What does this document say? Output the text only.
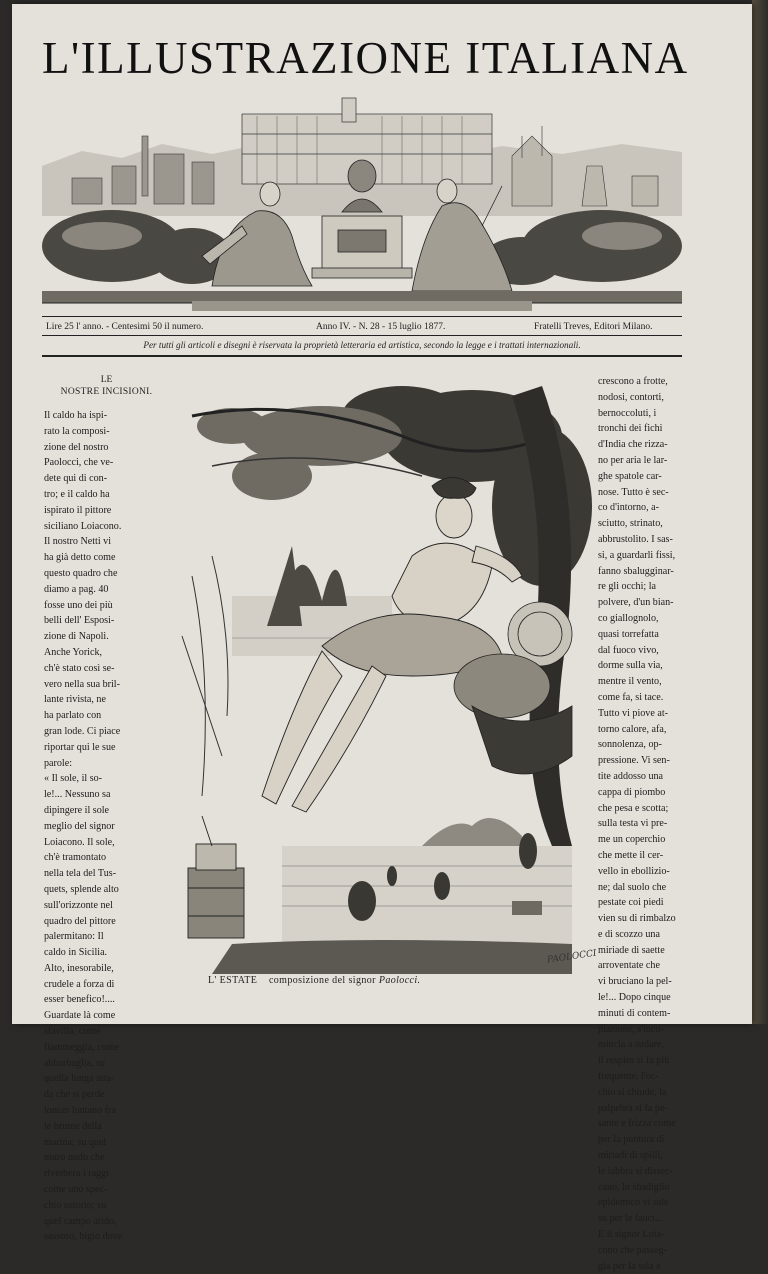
L'ILLUSTRAZIONE ITALIANA
Lire 25 l' anno. - Centesimi 50 il numero.	Anno IV. - N. 28 - 15 luglio 1877.	Fratelli Treves, Editori Milano.
Per tutti gli articoli e disegni è riservata la proprietà letteraria ed artistica, secondo la legge e i trattati internazionali.

LE

NOSTRE INCISIONI.

Il caldo ha ispi-

rato la composi-

zione del nostro

Paolocci, che ve-

dete qui di con-

tro; e il caldo ha

ispirato il pittore

siciliano Loiacono.

Il nostro Netti vi

ha già detto come

questo quadro che

diamo a pag. 40

fosse uno dei più

belli dell' Esposi-

zione di Napoli.

Anche Yorick,

ch'è stato così se-

vero nella sua bril-

lante rivista, ne

ha parlato con

gran lode. Ci piace

riportar qui le sue

parole:

« Il sole, il so-

le!... Nessuno sa

dipingere il sole

meglio del signor

Loiacono. Il sole,

ch'è tramontato

nella tela del Tus-

quets, splende alto

sull'orizzonte nel

quadro del pittore

palermitano: Il

caldo in Sicilia.

Alto, inesorabile,

crudele a forza di

esser benefico!....

Guardate là come

sfavilla, come

fiammeggia, come

abbarbaglia, su

quella lunga stra-

da che si perde

lontan lontano fra

le brume della

marina; su quel

muro nudo che

riverbera i raggi

come uno spec-

chio ustorio; su

quel campo arido,

sassoso, bigio dove

crescono a frotte,

nodosi, contorti,

bernoccoluti, i

tronchi dei fichi

d'India che rizza-

no per aria le lar-

ghe spatole car-

nose. Tutto è sec-

co d'intorno, a-

sciutto, strinato,

abbrustolito. I sas-

si, a guardarli fissi,

fanno sbalugginar-

re gli occhi; la

polvere, d'un bian-

co giallognolo,

quasi torrefatta

dal fuoco vivo,

dorme sulla via,

mentre il vento,

come fa, si tace.

Tutto vi piove at-

torno calore, afa,

sonnolenza, op-

pressione. Vi sen-

tite addosso una

cappa di piombo

che pesa e scotta;

sulla testa vi pre-

me un coperchio

che mette il cer-

vello in ebollizio-

ne; dal suolo che

pestate coi piedi

vien su di rimbalzo

e di scozzo una

miriade di saette

arroventate che

vi bruciano la pel-

le!... Dopo cinque

minuti di contem-

plazione, s'inco-

mincia a sudare,

il respiro si fa più

frequente, l'oc-

chio si chiude, la

palpebra si fa pe-

sante e frizza come

per la puntura di

miriadi di spilli,

le labbra si dissec-

cano, lo sbadiglio

epidemico vi sale

su per le fauci...

E il signor Loia-

cono che passeg-

gia per la sala e

L' ESTATE composizione del signor Paolocci.
PAOLOCCI
